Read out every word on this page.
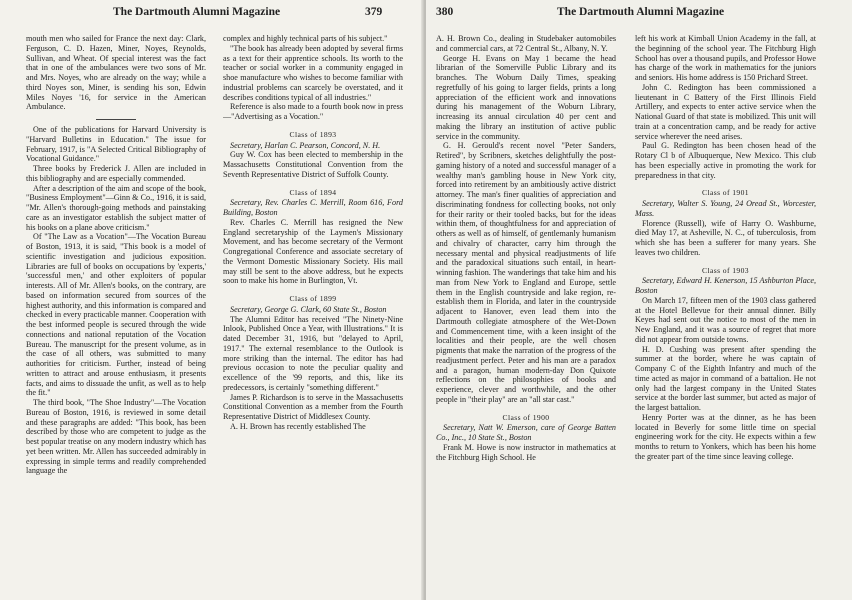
The Dartmouth Alumni Magazine	379

mouth men who sailed for France the next day: Clark, Ferguson, C. D. Hazen, Miner, Noyes, Reynolds, Sullivan, and Wheat. Of special interest was the fact that in one of the ambulances were two sons of Mr. and Mrs. Noyes, who are already on the way; while a third Noyes son, Miner, is sending his son, Edwin Miles Noyes '16, for service in the American Ambulance.

One of the publications for Harvard University is "Harvard Bulletins in Education." The issue for February, 1917, is "A Selected Critical Bibliography of Vocational Guidance."

Three books by Frederick J. Allen are included in this bibliography and are especially commended.

After a description of the aim and scope of the book, "Business Employment"—Ginn & Co., 1916, it is said, "Mr. Allen's thorough-going methods and painstaking care as an investigator establish the subject matter of his books on a plane above criticism."

Of "The Law as a Vocation"—The Vocation Bureau of Boston, 1913, it is said, "This book is a model of scientific investigation and judicious exposition. Libraries are full of books on occupations by 'experts,' 'successful men,' and other exploiters of popular interests. All of Mr. Allen's books, on the contrary, are based on information secured from sources of the highest authority, and this information is compared and checked in every practicable manner. Cooperation with the best informed people is secured through the wide connections and national reputation of the Vocation Bureau. The manuscript for the present volume, as in the case of all others, was submitted to many authorities for criticism. Further, instead of being written to attract and arouse enthusiasm, it presents facts, and aims to dissuade the unfit, as well as to help the fit."

The third book, "The Shoe Industry"—The Vocation Bureau of Boston, 1916, is reviewed in some detail and these paragraphs are added: "This book, has been described by those who are competent to judge as the best popular treatise on any modern industry which has yet been written. Mr. Allen has succeeded admirably in expressing in simple terms and readily comprehended language the

complex and highly technical parts of his subject."

"The book has already been adopted by several firms as a text for their apprentice schools. Its worth to the teacher or social worker in a community engaged in shoe manufacture who wishes to become familiar with industrial problems can scarcely be overstated, and it describes conditions typical of all industries."

Reference is also made to a fourth book now in press—"Advertising as a Vocation."

Class of 1893

Secretary, Harlan C. Pearson, Concord, N. H.

Guy W. Cox has been elected to membership in the Massachusetts Constitutional Convention from the Seventh Representative District of Suffolk County.

Class of 1894

Secretary, Rev. Charles C. Merrill, Room 616, Ford Building, Boston

Rev. Charles C. Merrill has resigned the New England secretaryship of the Laymen's Missionary Movement, and has become secretary of the Vermont Congregational Conference and associate secretary of the Vermont Domestic Missionary Society. His mail may still be sent to the above address, but he expects soon to make his home in Burlington, Vt.

Class of 1899

Secretary, George G. Clark, 60 State St., Boston

The Alumni Editor has received "The Ninety-Nine Inlook, Published Once a Year, with Illustrations." It is dated December 31, 1916, but "delayed to April, 1917." The external resemblance to the Outlook is more striking than the internal. The editor has had previous occasion to note the peculiar quality and excellence of the '99 reports, and this, like its predecessors, is certainly "something different."

James P. Richardson is to serve in the Massachusetts Constitional Convention as a member from the Fourth Representative District of Middlesex County.

A. H. Brown has recently established The

380	The Dartmouth Alumni Magazine

A. H. Brown Co., dealing in Studebaker automobiles and commercial cars, at 72 Central St., Albany, N. Y.

George H. Evans on May 1 became the head librarian of the Somerville Public Library and its branches. The Woburn Daily Times, speaking regretfully of his going to larger fields, prints a long appreciation of the efficient work and innovations during his management of the Woburn Library, increasing its annual circulation 40 per cent and making the library an institution of active public service in the community.

G. H. Gerould's recent novel "Peter Sanders, Retired", by Scribners, sketches delightfully the post-gaming history of a noted and successful manager of a wealthy man's gambling house in New York city, forced into retirement by an ambitiously active district attorney. The man's finer qualities of appreciation and discriminating fondness for collecting books, not only for their rarity or their tooled backs, but for the ideas within them, of thoughtfulness for and appreciation of others as well as of himself, of gentlemanly humanism and chivalry of character, carry him through the necessary mental and physical readjustments of life and the paradoxical situations such entail, in heart-winning fashion. The wanderings that take him and his man from New York to England and Europe, settle them in the English countryside and lake region, re-establish them in Florida, and later in the countryside adjacent to Hanover, even lead them into the Dartmouth collegiate atmosphere of the Wet-Down and Commencement time, with a keen insight of the localities and their people, are the well chosen pigments that make the narration of the progress of the readjustment perfect. Peter and his man are a paradox and a paragon, human modern-day Don Quixote reflections on the philosophies of books and experience, clever and worthwhile, and the other people in "their play" are an "all star cast."

Class of 1900

Secretary, Natt W. Emerson, care of George Batten Co., Inc., 10 State St., Boston

Frank M. Howe is now instructor in mathematics at the Fitchburg High School. He

left his work at Kimball Union Academy in the fall, at the beginning of the school year. The Fitchburg High School has over a thousand pupils, and Professor Howe has charge of the work in mathematics for the juniors and seniors. His home address is 150 Prichard Street.

John C. Redington has been commissioned a lieutenant in C Battery of the First Illinois Field Artillery, and expects to enter active service when the National Guard of that state is mobilized. This unit will train at a concentration camp, and be ready for active service wherever the need arises.

Paul G. Redington has been chosen head of the Rotary Cl b of Albuquerque, New Mexico. This club has been especially active in promoting the work for preparedness in that city.

Class of 1901

Secretary, Walter S. Young, 24 Oread St., Worcester, Mass.

Florence (Russell), wife of Harry O. Washburne, died May 17, at Asheville, N. C., of tuberculosis, from which she has been a sufferer for many years. She leaves two children.

Class of 1903

Secretary, Edward H. Kenerson, 15 Ashburton Place, Boston

On March 17, fifteen men of the 1903 class gathered at the Hotel Bellevue for their annual dinner. Billy Keyes had sent out the notice to most of the men in New England, and it was a source of regret that more did not appear from outside towns.

H. D. Cushing was present after spending the summer at the border, where he was captain of Company C of the Eighth Infantry and much of the time acted as major in command of a battalion. He not only had the largest company in the United States service at the border last summer, but acted as major of the largest battalion.

Henry Porter was at the dinner, as he has been located in Beverly for some little time on special engineering work for the city. He expects within a few months to return to Yonkers, which has been his home the greater part of the time since leaving college.
